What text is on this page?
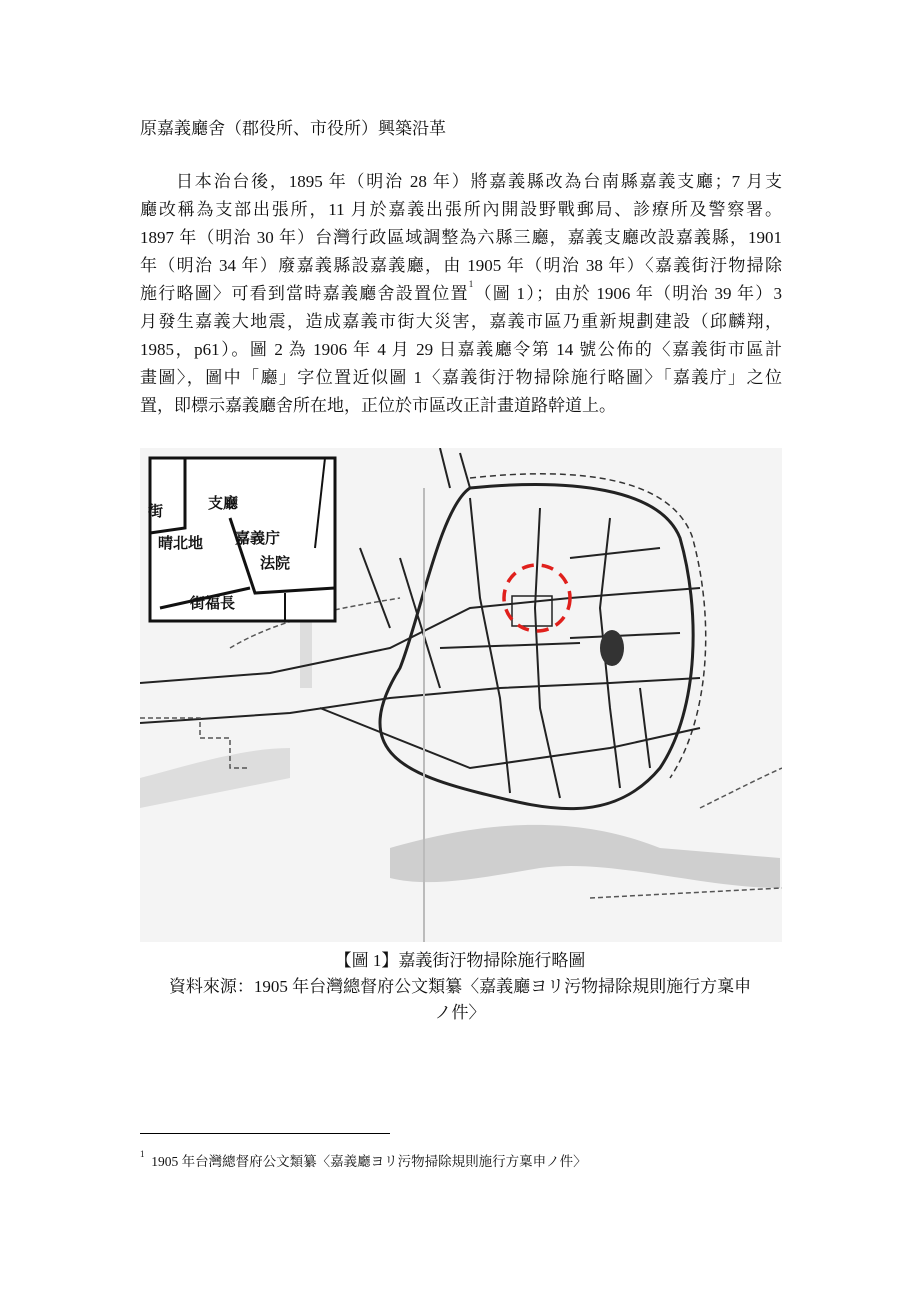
原嘉義廳舍（郡役所、市役所）興築沿革
日本治台後，1895 年（明治 28 年）將嘉義縣改為台南縣嘉義支廳；7 月支
廳改稱為支部出張所，11 月於嘉義出張所內開設野戰郵局、診療所及警察署。
1897 年（明治 30 年）台灣行政區域調整為六縣三廳，嘉義支廳改設嘉義縣，1901
年（明治 34 年）廢嘉義縣設嘉義廳，由 1905 年（明治 38 年）〈嘉義街汙物掃除
施行略圖〉可看到當時嘉義廳舍設置位置$^1$（圖 1）；由於 1906 年（明治 39 年）3
月發生嘉義大地震，造成嘉義市街大災害，嘉義市區乃重新規劃建設（邱麟翔，
1985，p61）。圖 2 為 1906 年 4 月 29 日嘉義廳令第 14 號公佈的〈嘉義街市區計
畫圖〉，圖中「廳」字位置近似圖 1〈嘉義街汙物掃除施行略圖〉「嘉義庁」之位
置，即標示嘉義廳舍所在地，正位於市區改正計畫道路幹道上。
支廳
街
晴北地 嘉義庁
法院
街福長
【圖 1】嘉義街汙物掃除施行略圖
資料來源：1905 年台灣總督府公文類纂〈嘉義廳ヨリ污物掃除規則施行方稟申
ノ件〉
$^1$ 1905 年台灣總督府公文類纂〈嘉義廳ヨリ污物掃除規則施行方稟申ノ件〉
